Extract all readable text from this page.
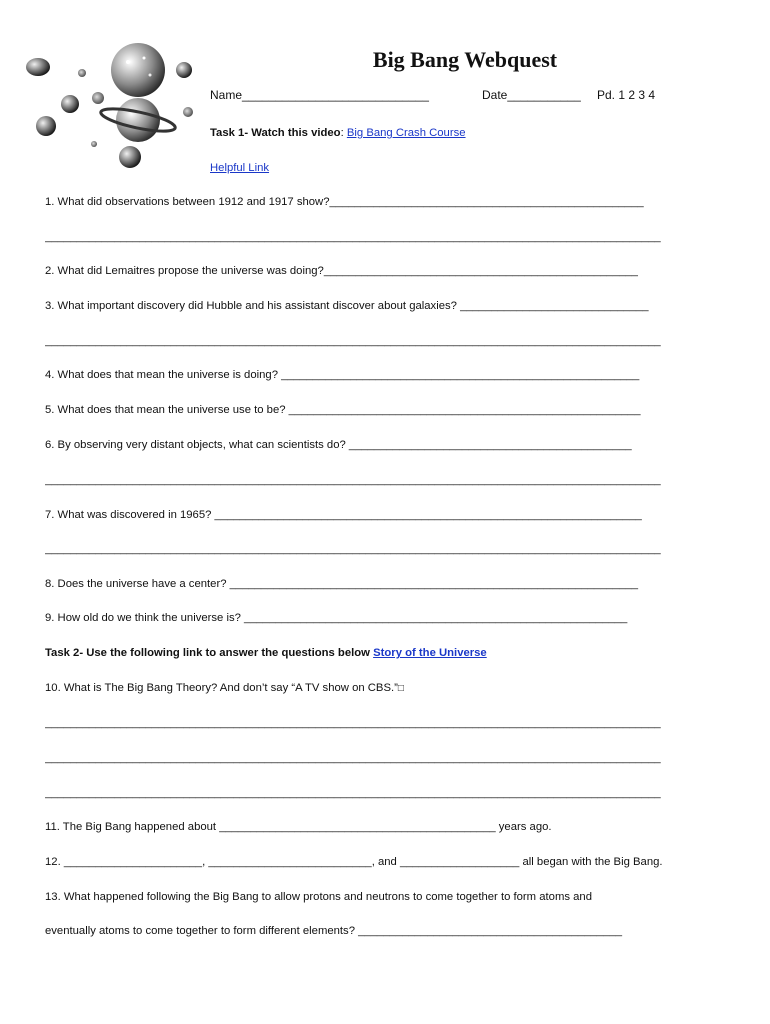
Big Bang Webquest
Name____________________________	Date___________ Pd. 1 2 3 4
Task 1- Watch this video: Big Bang Crash Course
Helpful Link
1. What did observations between 1912 and 1917 show?__________________________________________________
__________________________________________________________________________________________________
2. What did Lemaitres propose the universe was doing?__________________________________________________
3. What important discovery did Hubble and his assistant discover about galaxies? ______________________________
__________________________________________________________________________________________________
4. What does that mean the universe is doing? _________________________________________________________
5. What does that mean the universe use to be? ________________________________________________________
6. By observing very distant objects, what can scientists do? _____________________________________________
__________________________________________________________________________________________________
7. What was discovered in 1965? ____________________________________________________________________
__________________________________________________________________________________________________
8. Does the universe have a center? _________________________________________________________________
9. How old do we think the universe is? _____________________________________________________________
Task 2- Use the following link to answer the questions below Story of the Universe
10. What is The Big Bang Theory? And don’t say “A TV show on CBS.”□
__________________________________________________________________________________________________
__________________________________________________________________________________________________
__________________________________________________________________________________________________
11. The Big Bang happened about ____________________________________________ years ago.
12. ______________________, __________________________, and ___________________ all began with the Big Bang.
13. What happened following the Big Bang to allow protons and neutrons to come together to form atoms and
eventually atoms to come together to form different elements? __________________________________________
